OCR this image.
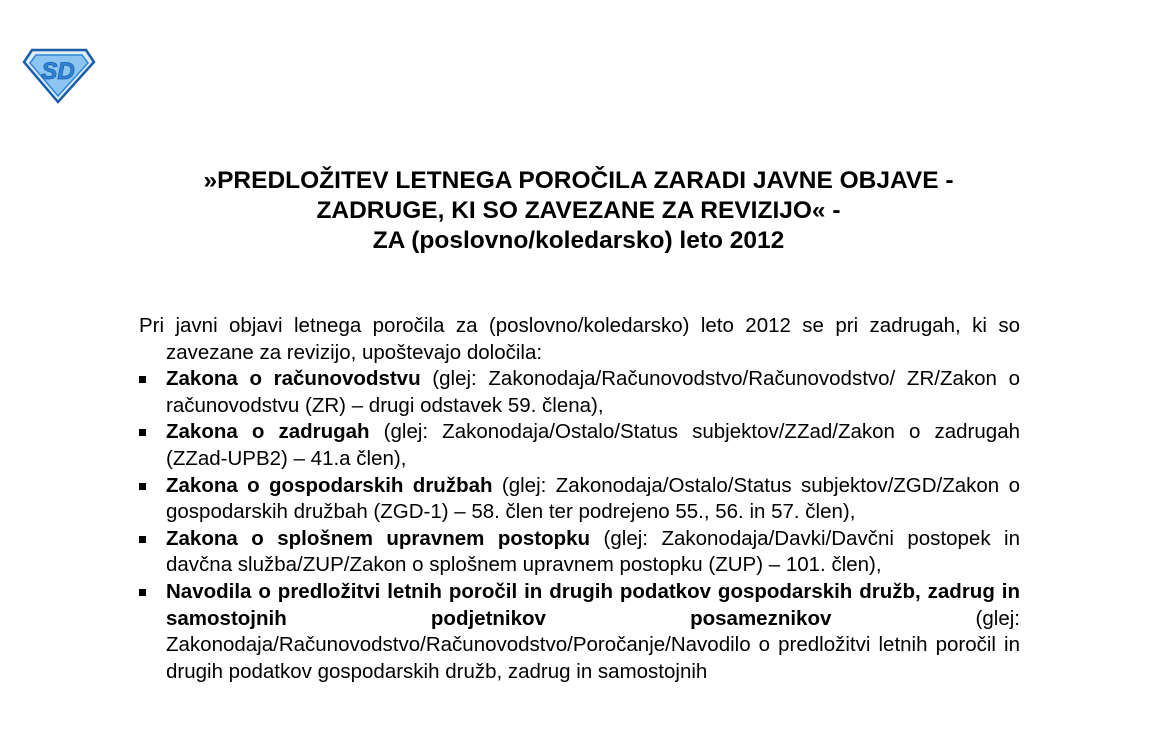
SD
»PREDLOŽITEV LETNEGA POROČILA ZARADI JAVNE OBJAVE -
ZADRUGE, KI SO ZAVEZANE ZA REVIZIJO« -
ZA (poslovno/koledarsko) leto 2012

Pri javni objavi letnega poročila za (poslovno/koledarsko) leto 2012 se pri zadrugah, ki so zavezane za revizijo, upoštevajo določila:

Zakona o računovodstvu (glej: Zakonodaja/Računovodstvo/Računovodstvo/ ZR/Zakon o računovodstvu (ZR) – drugi odstavek 59. člena),
Zakona o zadrugah (glej: Zakonodaja/Ostalo/Status subjektov/ZZad/Zakon o zadrugah (ZZad-UPB2) – 41.a člen),
Zakona o gospodarskih družbah (glej: Zakonodaja/Ostalo/Status subjektov/ZGD/Zakon o gospodarskih družbah (ZGD-1) – 58. člen ter podrejeno 55., 56. in 57. člen),
Zakona o splošnem upravnem postopku (glej: Zakonodaja/Davki/Davčni postopek in davčna služba/ZUP/Zakon o splošnem upravnem postopku (ZUP) – 101. člen),
Navodila o predložitvi letnih poročil in drugih podatkov gospodarskih družb, zadrug in samostojnih podjetnikov posameznikov (glej: Zakonodaja/Računovodstvo/Računovodstvo/Poročanje/Navodilo o predložitvi letnih poročil in drugih podatkov gospodarskih družb, zadrug in samostojnih
